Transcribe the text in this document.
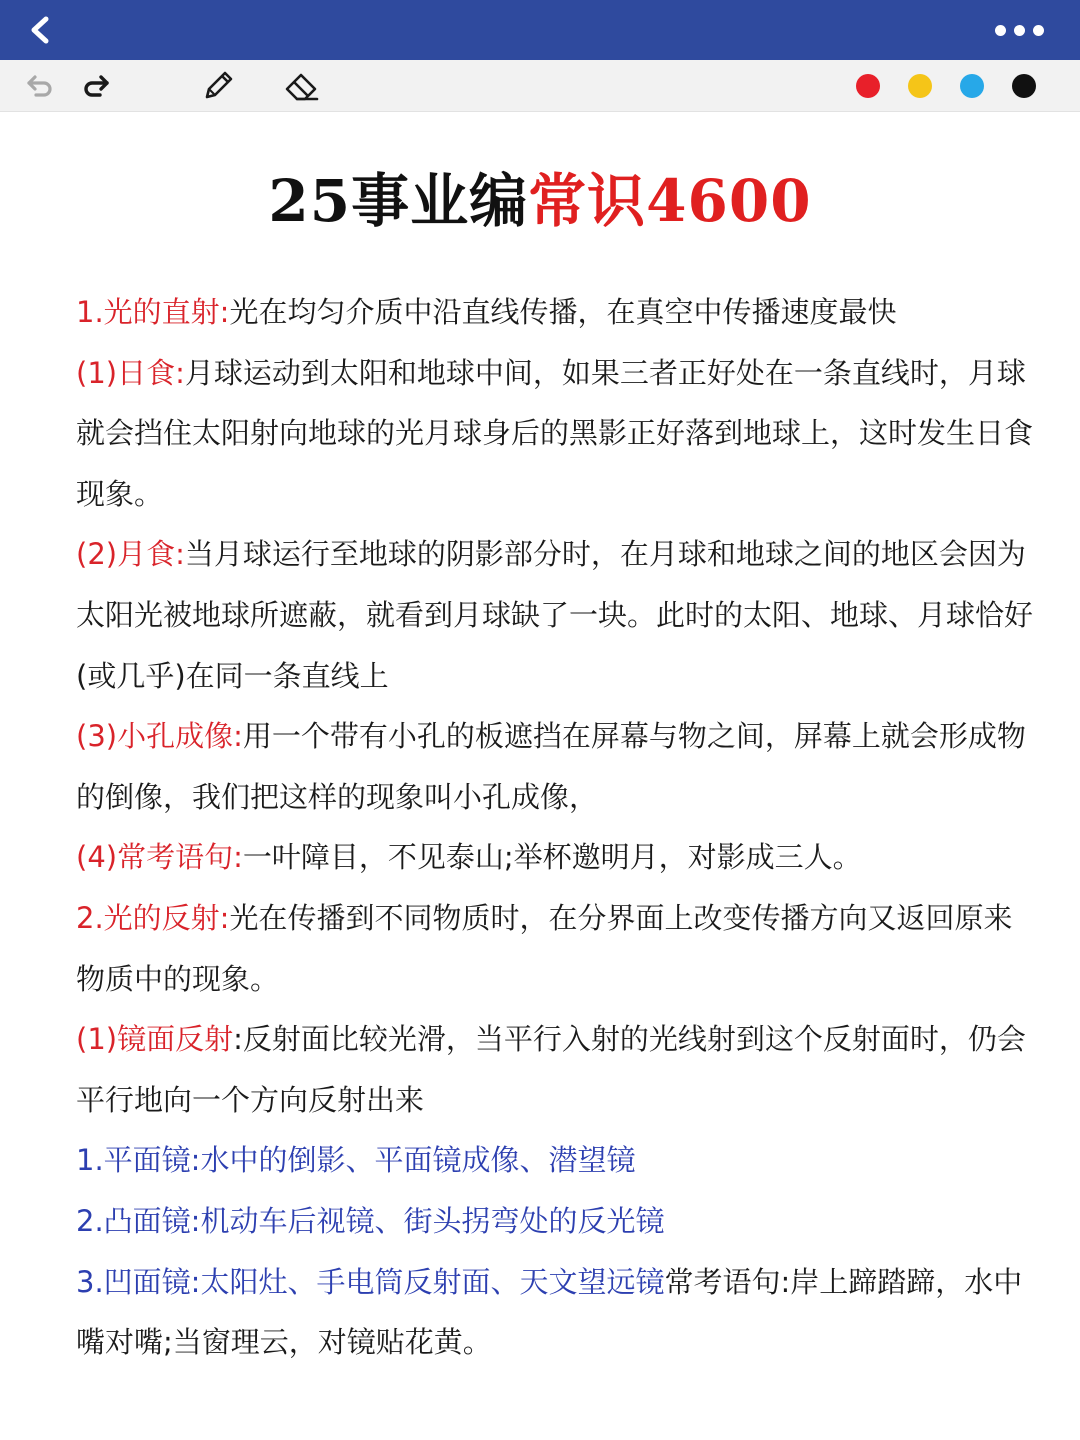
25事业编常识4600

1.光的直射:光在均匀介质中沿直线传播，在真空中传播速度最快

(1)日食:月球运动到太阳和地球中间，如果三者正好处在一条直线时，月球就会挡住太阳射向地球的光月球身后的黑影正好落到地球上，这时发生日食现象。

(2)月食:当月球运行至地球的阴影部分时，在月球和地球之间的地区会因为太阳光被地球所遮蔽，就看到月球缺了一块。此时的太阳、地球、月球恰好(或几乎)在同一条直线上

(3)小孔成像:用一个带有小孔的板遮挡在屏幕与物之间，屏幕上就会形成物的倒像，我们把这样的现象叫小孔成像，

(4)常考语句:一叶障目，不见泰山;举杯邀明月，对影成三人。

2.光的反射:光在传播到不同物质时，在分界面上改变传播方向又返回原来物质中的现象。

(1)镜面反射:反射面比较光滑，当平行入射的光线射到这个反射面时，仍会平行地向一个方向反射出来

1.平面镜:水中的倒影、平面镜成像、潜望镜

2.凸面镜:机动车后视镜、街头拐弯处的反光镜

3.凹面镜:太阳灶、手电筒反射面、天文望远镜常考语句:岸上蹄踏蹄，水中嘴对嘴;当窗理云，对镜贴花黄。
